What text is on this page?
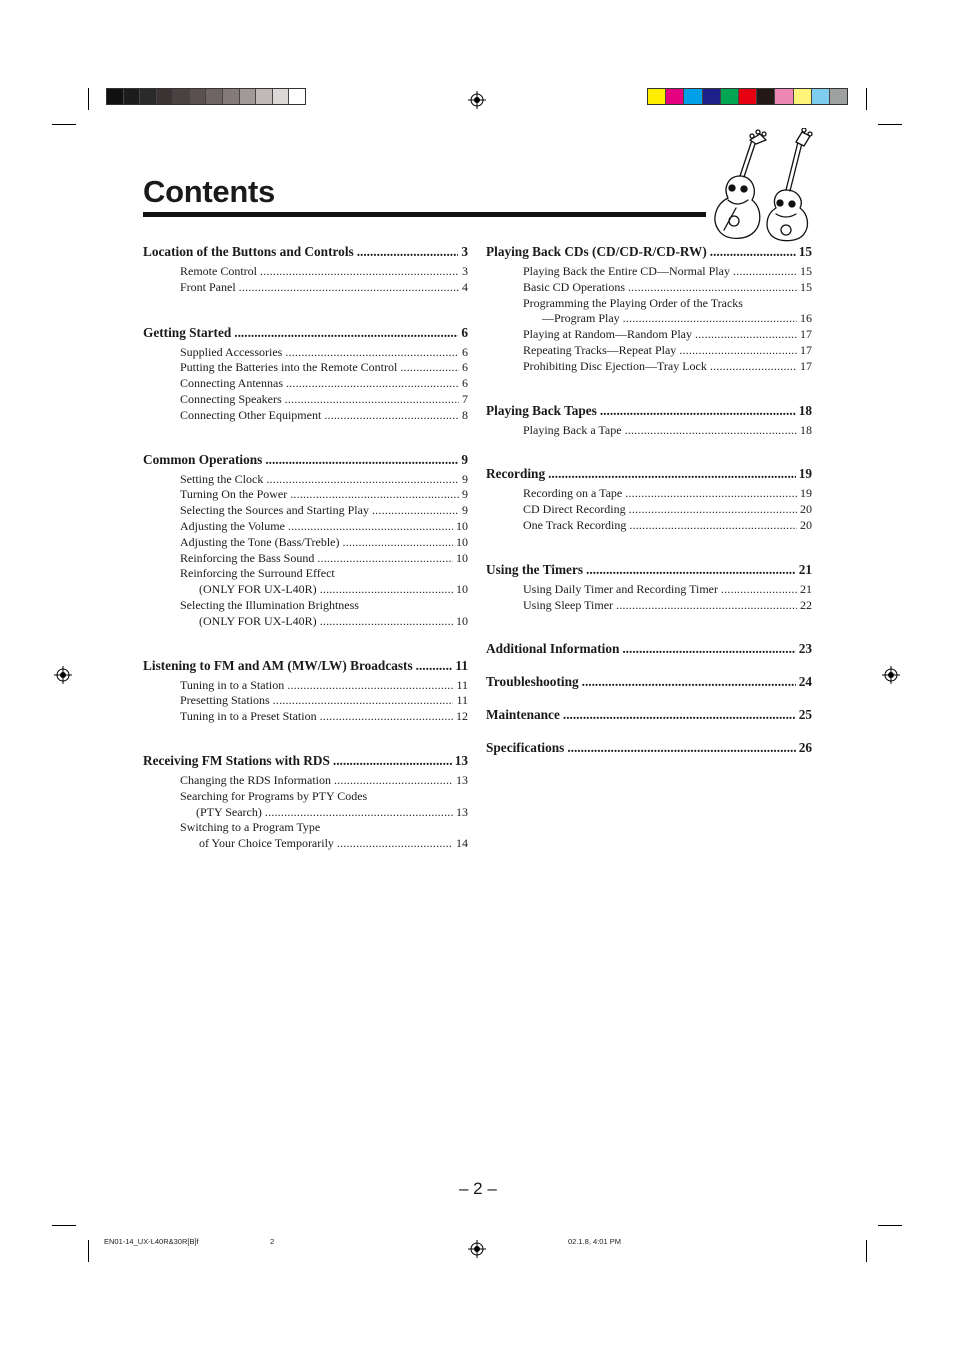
Contents
Location of the Buttons and Controls .....	3
Remote Control .....	3
Front Panel .....	4
Getting Started .....	6
Supplied Accessories .....	6
Putting the Batteries into the Remote Control .....	6
Connecting Antennas .....	6
Connecting Speakers .....	7
Connecting Other Equipment .....	8
Common Operations .....	9
Setting the Clock .....	9
Turning On the Power .....	9
Selecting the Sources and Starting Play .....	9
Adjusting the Volume .....	10
Adjusting the Tone (Bass/Treble) .....	10
Reinforcing the Bass Sound .....	10
Reinforcing the Surround Effect
(ONLY FOR UX-L40R) .....	10
Selecting the Illumination Brightness
(ONLY FOR UX-L40R) .....	10
Listening to FM and AM (MW/LW) Broadcasts .....	11
Tuning in to a Station .....	11
Presetting Stations .....	11
Tuning in to a Preset Station .....	12
Receiving FM Stations with RDS .....	13
Changing the RDS Information .....	13
Searching for Programs by PTY Codes
(PTY Search) .....	13
Switching to a Program Type
of Your Choice Temporarily .....	14
Playing Back CDs (CD/CD-R/CD-RW) .....	15
Playing Back the Entire CD—Normal Play .....	15
Basic CD Operations .....	15
Programming the Playing Order of the Tracks
—Program Play .....	16
Playing at Random—Random Play .....	17
Repeating Tracks—Repeat Play .....	17
Prohibiting Disc Ejection—Tray Lock .....	17
Playing Back Tapes .....	18
Playing Back a Tape .....	18
Recording .....	19
Recording on a Tape .....	19
CD Direct Recording .....	20
One Track Recording .....	20
Using the Timers .....	21
Using Daily Timer and Recording Timer .....	21
Using Sleep Timer .....	22
Additional Information .....	23
Troubleshooting .....	24
Maintenance .....	25
Specifications .....	26
– 2 –
EN01-14_UX-L40R&30R[B]f	2	02.1.8, 4:01 PM
